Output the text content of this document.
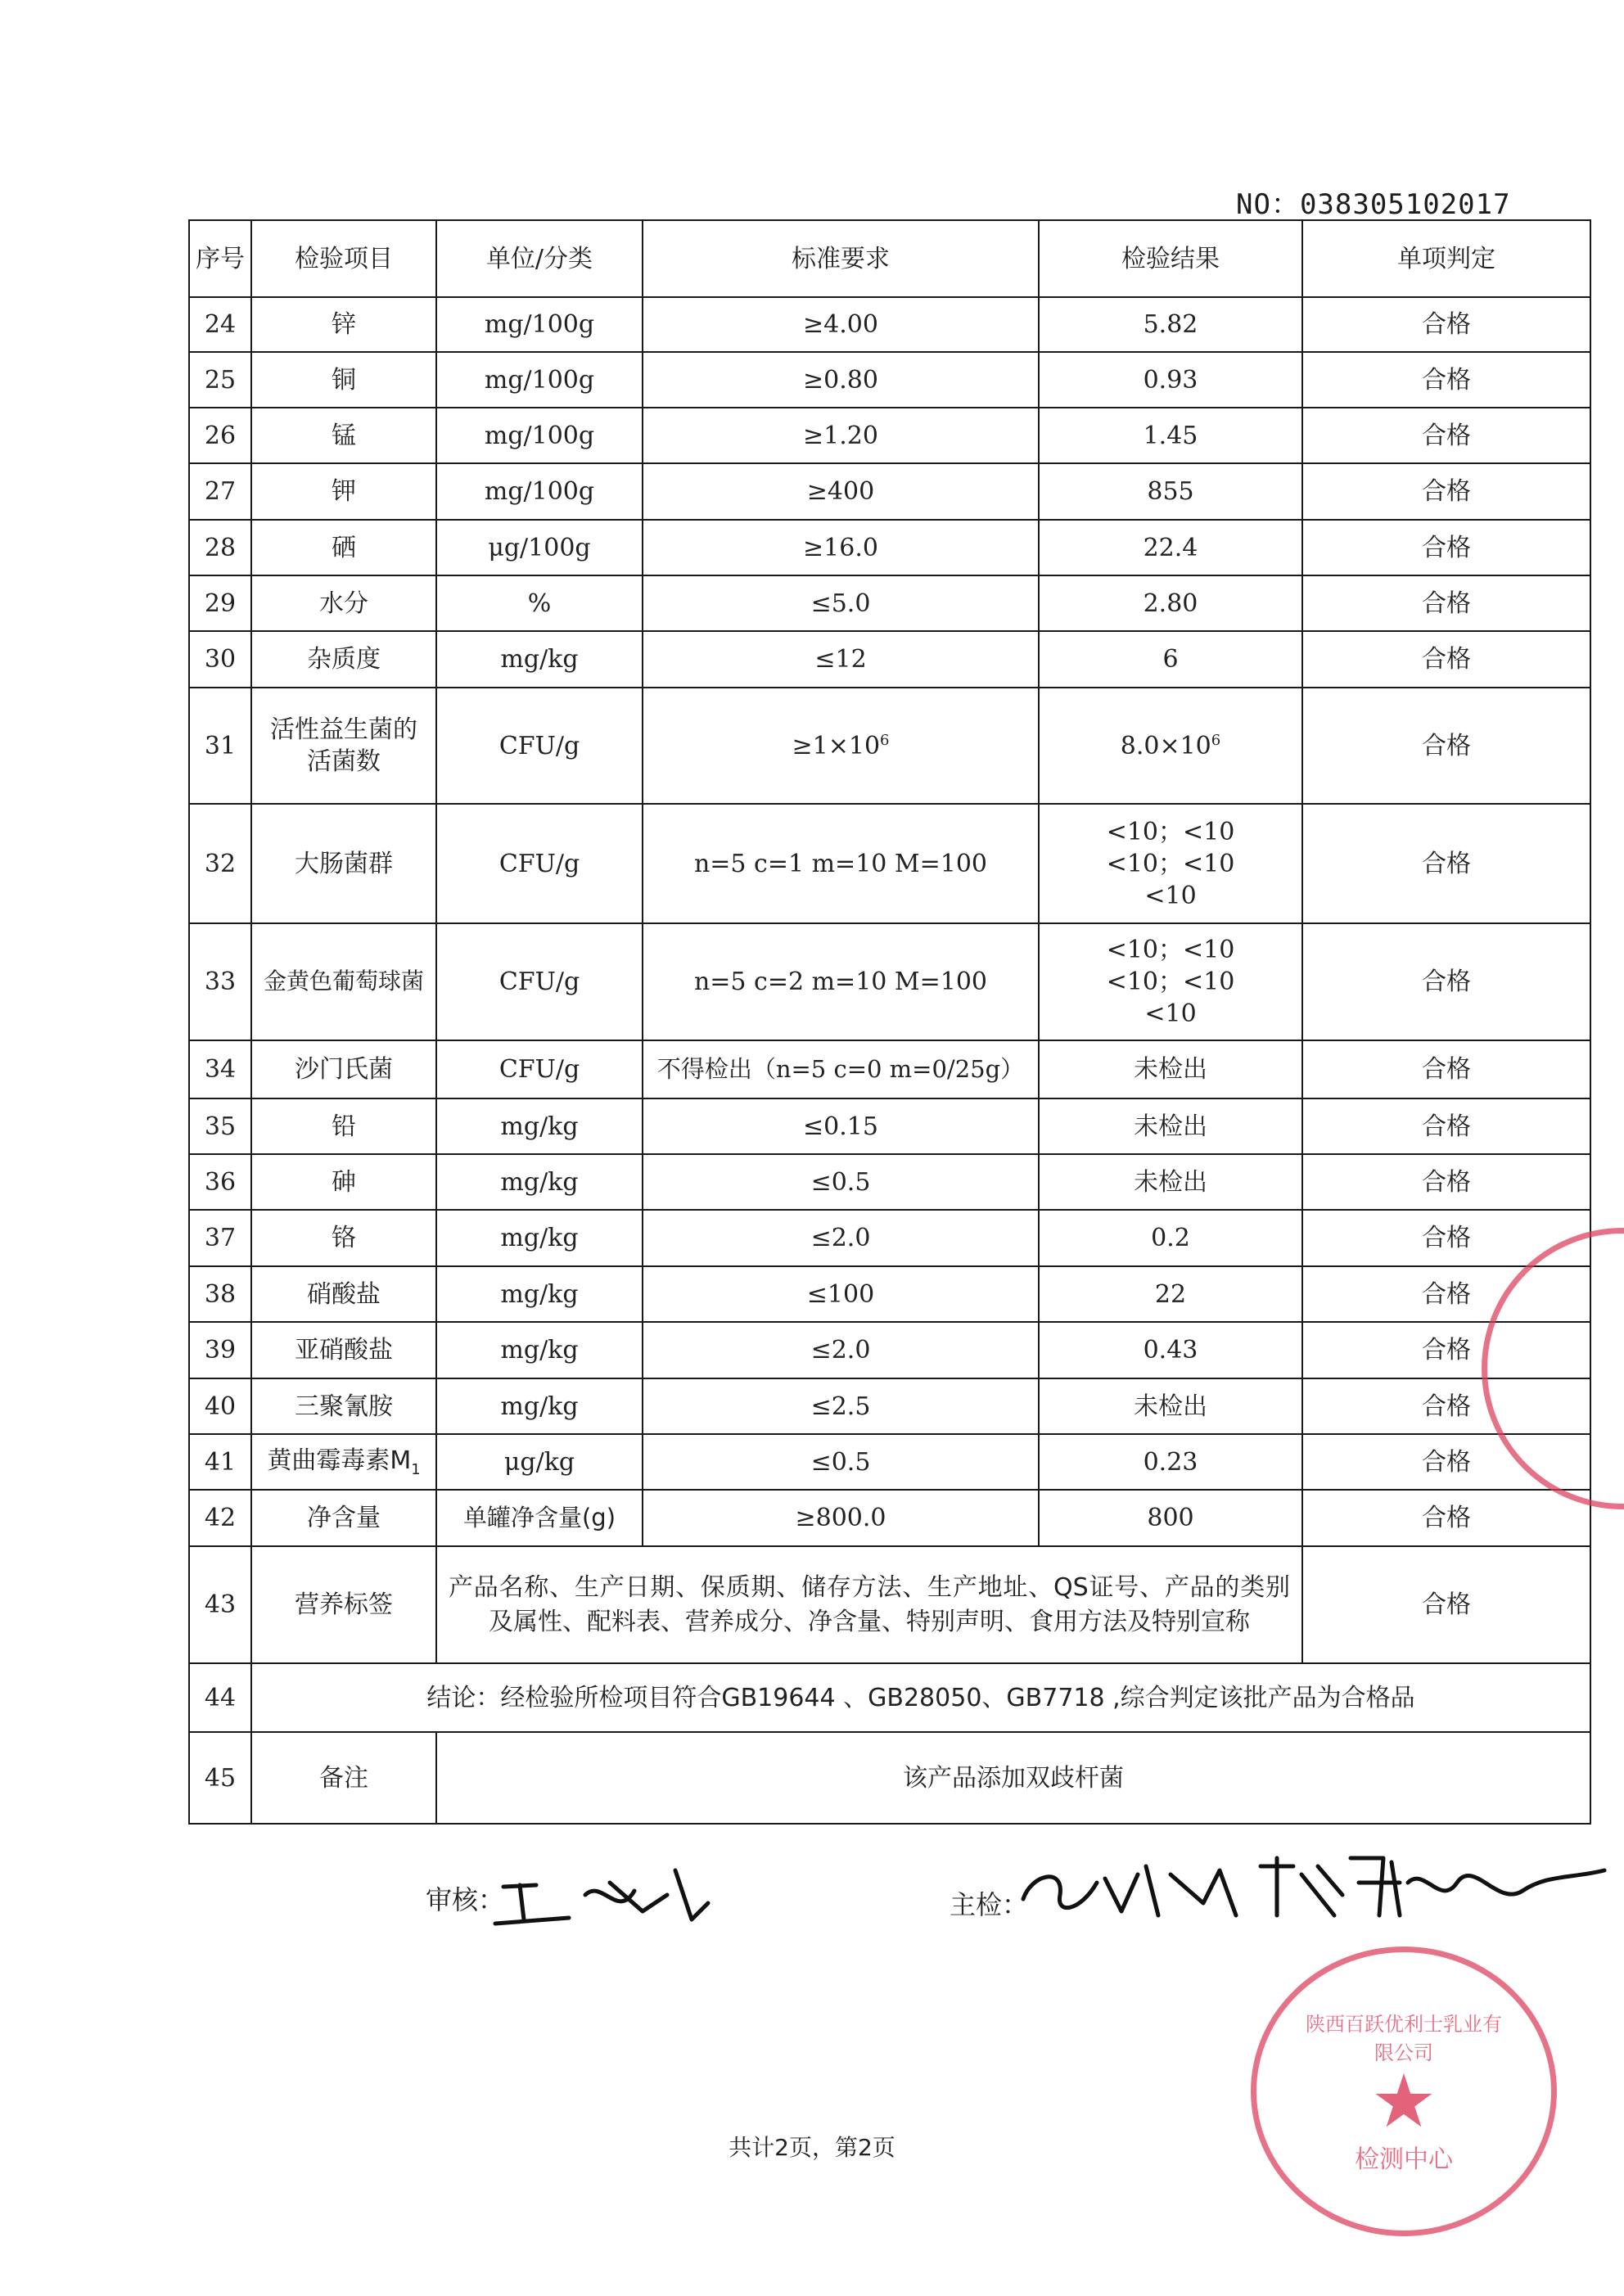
NO：038305102017
序号	检验项目	单位/分类	标准要求	检验结果	单项判定
24	锌	mg/100g	≥4.00	5.82	合格
25	铜	mg/100g	≥0.80	0.93	合格
26	锰	mg/100g	≥1.20	1.45	合格
27	钾	mg/100g	≥400	855	合格
28	硒	μg/100g	≥16.0	22.4	合格
29	水分	%	≤5.0	2.80	合格
30	杂质度	mg/kg	≤12	6	合格
31	活性益生菌的
活菌数	CFU/g	$\ge 1\times 10^6$	$8.0\times 10^6$	合格
32	大肠菌群	CFU/g	n=5 c=1 m=10 M=100	<10；<10
<10；<10
<10	合格
33	金黄色葡萄球菌	CFU/g	n=5 c=2 m=10 M=100	<10；<10
<10；<10
<10	合格
34	沙门氏菌	CFU/g	不得检出（n=5 c=0 m=0/25g）	未检出	合格
35	铅	mg/kg	≤0.15	未检出	合格
36	砷	mg/kg	≤0.5	未检出	合格
37	铬	mg/kg	≤2.0	0.2	合格
38	硝酸盐	mg/kg	≤100	22	合格
39	亚硝酸盐	mg/kg	≤2.0	0.43	合格
40	三聚氰胺	mg/kg	≤2.5	未检出	合格
41	黄曲霉毒素$M_1$	μg/kg	≤0.5	0.23	合格
42	净含量	单罐净含量(g)	≥800.0	800	合格
43	营养标签	产品名称、生产日期、保质期、储存方法、生产地址、QS证号、产品的类别及属性、配料表、营养成分、净含量、特别声明、食用方法及特别宣称			合格
44	结论：经检验所检项目符合GB19644 、GB28050、GB7718 ,综合判定该批产品为合格品				
45	备注	该产品添加双歧杆菌			
审核：	主检：
陕西百跃优利士乳业有限公司
★
检测中心
共计2页，第2页
